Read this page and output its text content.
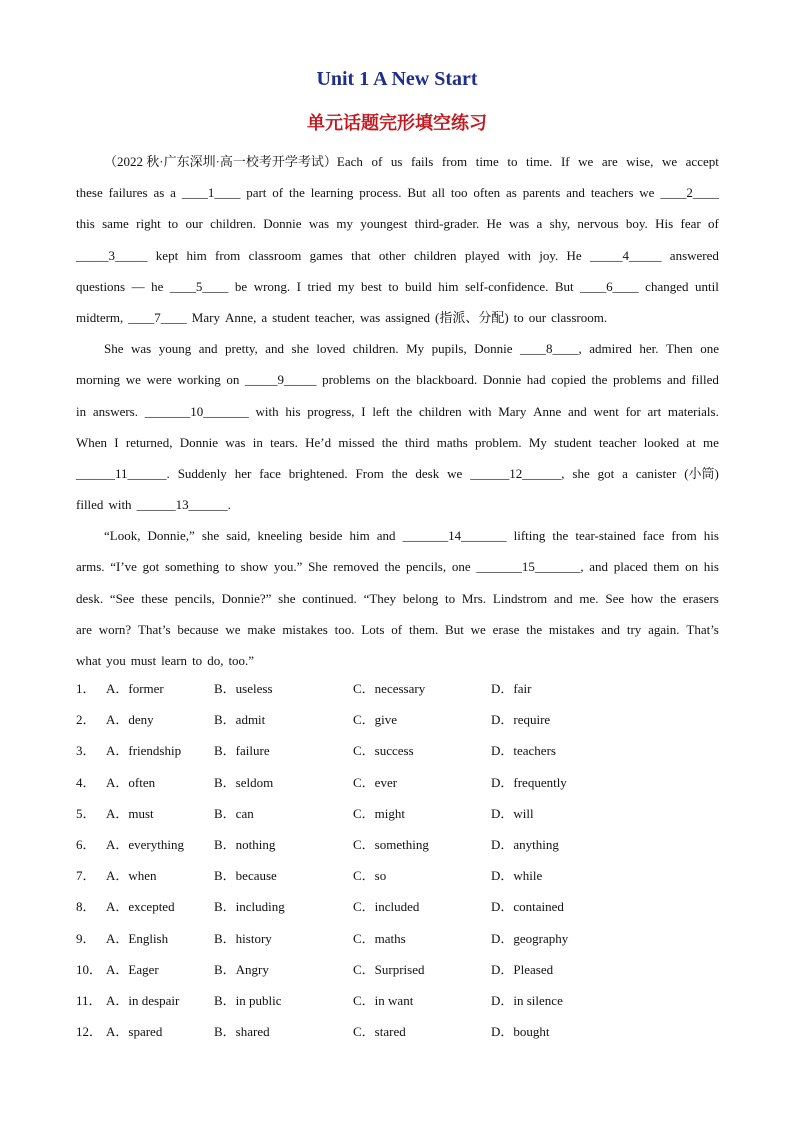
Unit 1 A New Start
单元话题完形填空练习
（2022 秋·广东深圳·高一校考开学考试）Each of us fails from time to time. If we are wise, we accept
these failures as a ____1____ part of the learning process. But all too often as parents and teachers we ____2____
this same right to our children. Donnie was my youngest third-grader. He was a shy, nervous boy. His fear of
_____3_____ kept him from classroom games that other children played with joy. He _____4_____ answered
questions — he ____5____ be wrong. I tried my best to build him self-confidence. But ____6____ changed until
midterm, ____7____ Mary Anne, a student teacher, was assigned (指派、分配) to our classroom.
She was young and pretty, and she loved children. My pupils, Donnie ____8____, admired her. Then one
morning we were working on _____9_____ problems on the blackboard. Donnie had copied the problems and filled
in answers. _______10_______ with his progress, I left the children with Mary Anne and went for art materials.
When I returned, Donnie was in tears. He’d missed the third maths problem. My student teacher looked at me
______11______. Suddenly her face brightened. From the desk we ______12______, she got a canister (小筒)
filled with ______13______.
“Look, Donnie,” she said, kneeling beside him and _______14_______ lifting the tear-stained face from his
arms. “I’ve got something to show you.” She removed the pencils, one _______15_______, and placed them on his
desk. “See these pencils, Donnie?” she continued. “They belong to Mrs. Lindstrom and me. See how the erasers
are worn? That’s because we make mistakes too. Lots of them. But we erase the mistakes and try again. That’s
what you must learn to do, too.”
1． A．former	B．useless	C．necessary	D．fair
2． A．deny	B．admit	C．give	D．require
3． A．friendship	B．failure	C．success	D．teachers
4． A．often	B．seldom	C．ever	D．frequently
5． A．must	B．can	C．might	D．will
6． A．everything B．nothing	C．something	D．anything
7． A．when	B．because	C．so	D．while
8． A．excepted	B．including	C．included	D．contained
9． A．English	B．history	C．maths	D．geography
10． A．Eager	B．Angry	C．Surprised	D．Pleased
11． A．in despair	B．in public	C．in want	D．in silence
12． A．spared	B．shared	C．stared	D．bought
